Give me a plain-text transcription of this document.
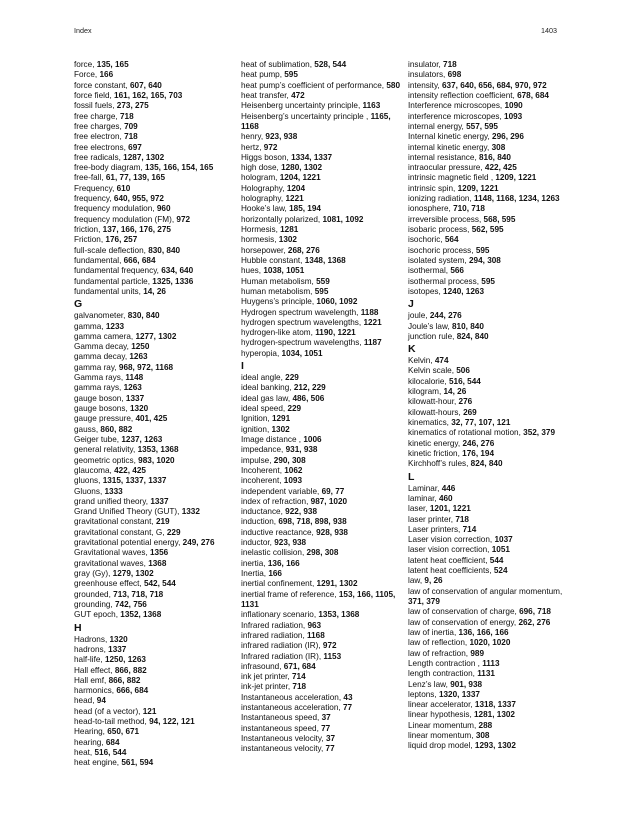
Index	1403
force, 135, 165
Force, 166
force constant, 607, 640
force field, 161, 162, 165, 703
fossil fuels, 273, 275
free charge, 718
free charges, 709
free electron, 718
free electrons, 697
free radicals, 1287, 1302
free-body diagram, 135, 166, 154, 165
free-fall, 61, 77, 139, 165
Frequency, 610
frequency, 640, 955, 972
frequency modulation, 960
frequency modulation (FM), 972
friction, 137, 166, 176, 275
Friction, 176, 257
full-scale deflection, 830, 840
fundamental, 666, 684
fundamental frequency, 634, 640
fundamental particle, 1325, 1336
fundamental units, 14, 26
G
galvanometer, 830, 840
gamma, 1233
gamma camera, 1277, 1302
Gamma decay, 1250
gamma decay, 1263
gamma ray, 968, 972, 1168
Gamma rays, 1148
gamma rays, 1263
gauge boson, 1337
gauge bosons, 1320
gauge pressure, 401, 425
gauss, 860, 882
Geiger tube, 1237, 1263
general relativity, 1353, 1368
geometric optics, 983, 1020
glaucoma, 422, 425
gluons, 1315, 1337, 1337
Gluons, 1333
grand unified theory, 1337
Grand Unified Theory (GUT), 1332
gravitational constant, 219
gravitational constant, G, 229
gravitational potential energy, 249, 276
Gravitational waves, 1356
gravitational waves, 1368
gray (Gy), 1279, 1302
greenhouse effect, 542, 544
grounded, 713, 718, 718
grounding, 742, 756
GUT epoch, 1352, 1368
H
Hadrons, 1320
hadrons, 1337
half-life, 1250, 1263
Hall effect, 866, 882
Hall emf, 866, 882
harmonics, 666, 684
head, 94
head (of a vector), 121
head-to-tail method, 94, 122, 121
Hearing, 650, 671
hearing, 684
heat, 516, 544
heat engine, 561, 594
heat of sublimation, 528, 544
heat pump, 595
heat pump’s coefficient of performance, 580
heat transfer, 472
Heisenberg uncertainty principle, 1163
Heisenberg’s uncertainty principle , 1165, 1168
henry, 923, 938
hertz, 972
Higgs boson, 1334, 1337
high dose, 1280, 1302
hologram, 1204, 1221
Holography, 1204
holography, 1221
Hooke’s law, 185, 194
horizontally polarized, 1081, 1092
Hormesis, 1281
hormesis, 1302
horsepower, 268, 276
Hubble constant, 1348, 1368
hues, 1038, 1051
Human metabolism, 559
human metabolism, 595
Huygens’s principle, 1060, 1092
Hydrogen spectrum wavelength, 1188
hydrogen spectrum wavelengths, 1221
hydrogen-like atom, 1190, 1221
hydrogen-spectrum wavelengths, 1187
hyperopia, 1034, 1051
I
ideal angle, 229
ideal banking, 212, 229
ideal gas law, 486, 506
ideal speed, 229
Ignition, 1291
ignition, 1302
Image distance , 1006
impedance, 931, 938
impulse, 290, 308
Incoherent, 1062
incoherent, 1093
independent variable, 69, 77
index of refraction, 987, 1020
inductance, 922, 938
induction, 698, 718, 898, 938
inductive reactance, 928, 938
inductor, 923, 938
inelastic collision, 298, 308
inertia, 136, 166
Inertia, 166
inertial confinement, 1291, 1302
inertial frame of reference, 153, 166, 1105, 1131
inflationary scenario, 1353, 1368
Infrared radiation, 963
infrared radiation, 1168
infrared radiation (IR), 972
Infrared radiation (IR), 1153
infrasound, 671, 684
ink jet printer, 714
ink-jet printer, 718
Instantaneous acceleration, 43
instantaneous acceleration, 77
Instantaneous speed, 37
instantaneous speed, 77
Instantaneous velocity, 37
instantaneous velocity, 77
insulator, 718
insulators, 698
intensity, 637, 640, 656, 684, 970, 972
intensity reflection coefficient, 678, 684
Interference microscopes, 1090
interference microscopes, 1093
internal energy, 557, 595
Internal kinetic energy, 296, 296
internal kinetic energy, 308
internal resistance, 816, 840
intraocular pressure, 422, 425
intrinsic magnetic field , 1209, 1221
intrinsic spin, 1209, 1221
ionizing radiation, 1148, 1168, 1234, 1263
ionosphere, 710, 718
irreversible process, 568, 595
isobaric process, 562, 595
isochoric, 564
isochoric process, 595
isolated system, 294, 308
isothermal, 566
isothermal process, 595
isotopes, 1240, 1263
J
joule, 244, 276
Joule’s law, 810, 840
junction rule, 824, 840
K
Kelvin, 474
Kelvin scale, 506
kilocalorie, 516, 544
kilogram, 14, 26
kilowatt-hour, 276
kilowatt-hours, 269
kinematics, 32, 77, 107, 121
kinematics of rotational motion, 352, 379
kinetic energy, 246, 276
kinetic friction, 176, 194
Kirchhoff’s rules, 824, 840
L
Laminar, 446
laminar, 460
laser, 1201, 1221
laser printer, 718
Laser printers, 714
Laser vision correction, 1037
laser vision correction, 1051
latent heat coefficient, 544
latent heat coefficients, 524
law, 9, 26
law of conservation of angular momentum, 371, 379
law of conservation of charge, 696, 718
law of conservation of energy, 262, 276
law of inertia, 136, 166, 166
law of reflection, 1020, 1020
law of refraction, 989
Length contraction , 1113
length contraction, 1131
Lenz’s law, 901, 938
leptons, 1320, 1337
linear accelerator, 1318, 1337
linear hypothesis, 1281, 1302
Linear momentum, 288
linear momentum, 308
liquid drop model, 1293, 1302
